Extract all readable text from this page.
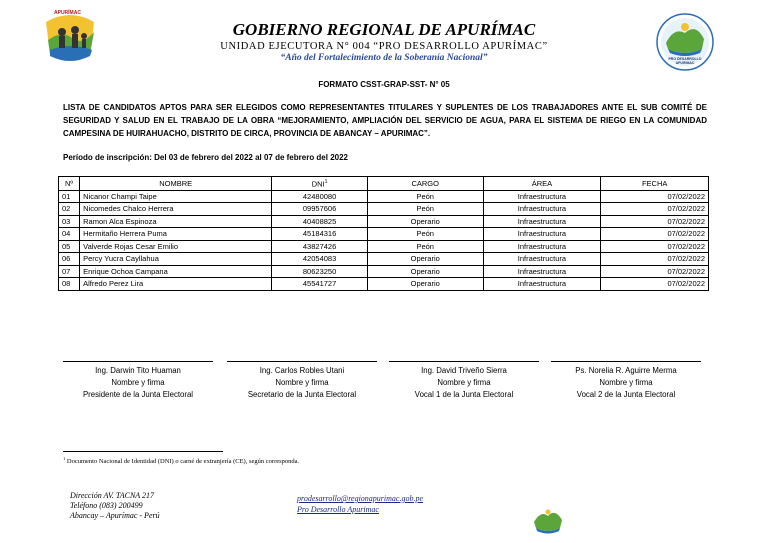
APURÍMAC
PRO DESARROLLO APURIMAC
GOBIERNO REGIONAL DE APURÍMAC
UNIDAD EJECUTORA N° 004 “PRO DESARROLLO APURÍMAC”
“Año del Fortalecimiento de la Soberanía Nacional”
FORMATO CSST-GRAP-SST- N° 05
LISTA DE CANDIDATOS APTOS PARA SER ELEGIDOS COMO REPRESENTANTES TITULARES Y SUPLENTES DE LOS TRABAJADORES ANTE EL SUB COMITÉ DE SEGURIDAD Y SALUD EN EL TRABAJO DE LA OBRA “MEJORAMIENTO, AMPLIACIÓN DEL SERVICIO DE AGUA, PARA EL SISTEMA DE RIEGO EN LA COMUNIDAD CAMPESINA DE HUIRAHUACHO, DISTRITO DE CIRCA, PROVINCIA DE ABANCAY – APURIMAC”.
Período de inscripción: Del 03 de febrero del 2022 al 07 de febrero del 2022
Nº	NOMBRE	DNI$^1$	CARGO	ÁREA	FECHA
01	Nicanor Champi Taipe	42480080	Peón	Infraestructura	07/02/2022
02	Nicomedes Chalco Herrera	09957606	Peón	Infraestructura	07/02/2022
03	Ramon Alca Espinoza	40408825	Operario	Infraestructura	07/02/2022
04	Hermitaño Herrera Puma	45184316	Peón	Infraestructura	07/02/2022
05	Valverde Rojas Cesar Emilio	43827426	Peón	Infraestructura	07/02/2022
06	Percy Yucra Cayllahua	42054083	Operario	Infraestructura	07/02/2022
07	Enrique Ochoa Campana	80623250	Operario	Infraestructura	07/02/2022
08	Alfredo Perez Lira	45541727	Operario	Infraestructura	07/02/2022
Ing. Darwin Tito Huaman
Nombre y firma
Presidente de la Junta Electoral
Ing. Carlos Robles Utani
Nombre y firma
Secretario de la Junta Electoral
Ing. David Triveño Sierra
Nombre y firma
Vocal 1 de la Junta Electoral
Ps. Norelia R. Aguirre Merma
Nombre y firma
Vocal 2 de la Junta Electoral
$^1$ Documento Nacional de Identidad (DNI) o carné de extranjería (CE), según corresponda.
Dirección AV. TACNA 217
Teléfono (083) 200499
Abancay – Apurímac - Perú
prodesarrollo@regionapurimac.gob.pe
Pro Desarrollo Apurimac
